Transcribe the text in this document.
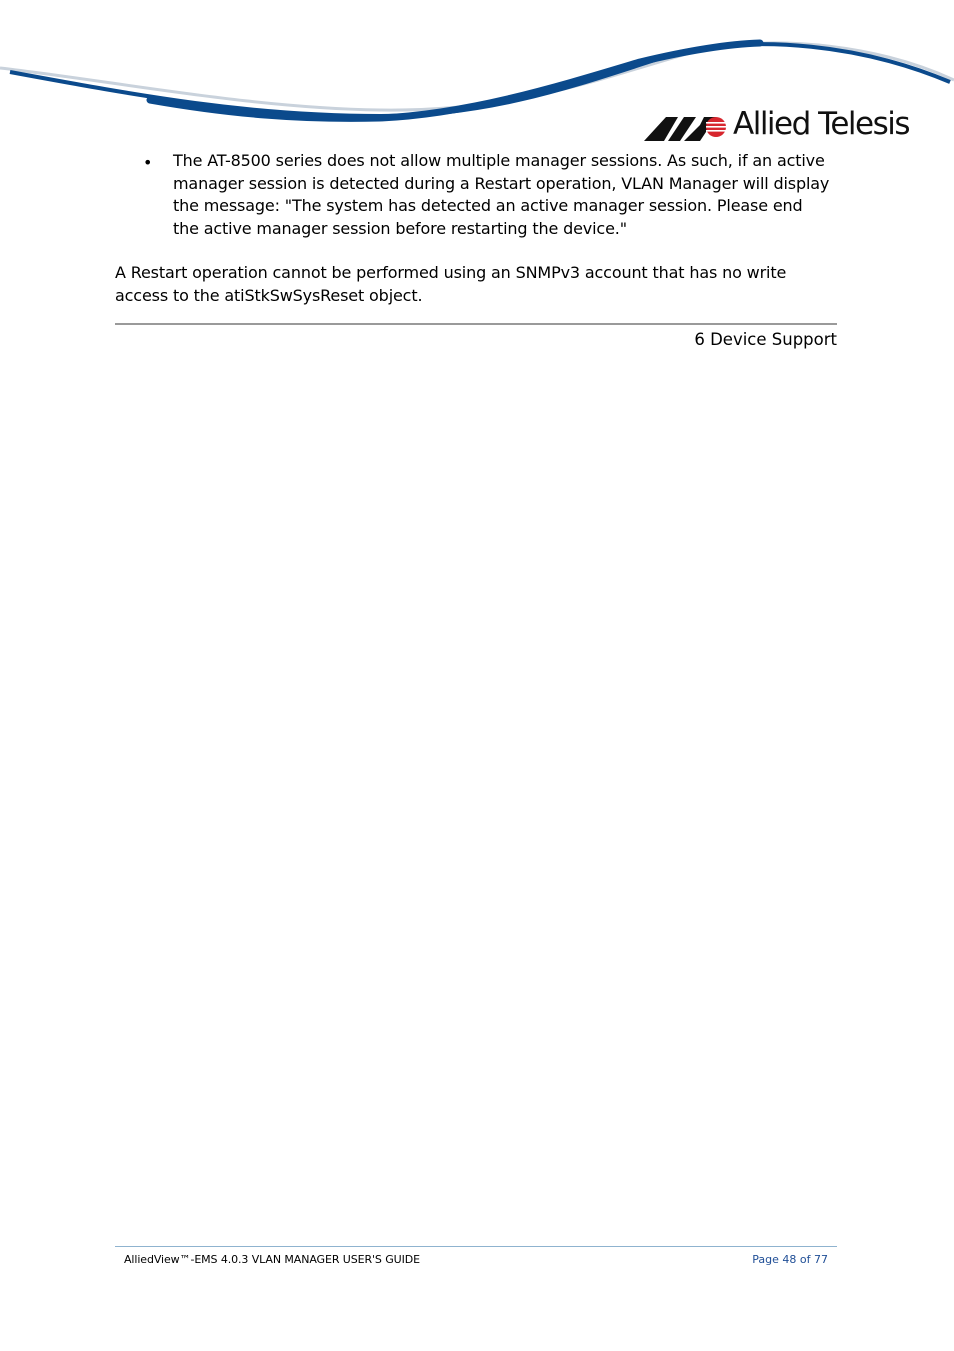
Allied Telesis
• The AT-8500 series does not allow multiple manager sessions. As such, if an active manager session is detected during a Restart operation, VLAN Manager will display the message: "The system has detected an active manager session. Please end the active manager session before restarting the device."
A Restart operation cannot be performed using an SNMPv3 account that has no write access to the atiStkSwSysReset object.
6 Device Support
AlliedView™-EMS 4.0.3 VLAN MANAGER USER'S GUIDE	Page 48 of 77
